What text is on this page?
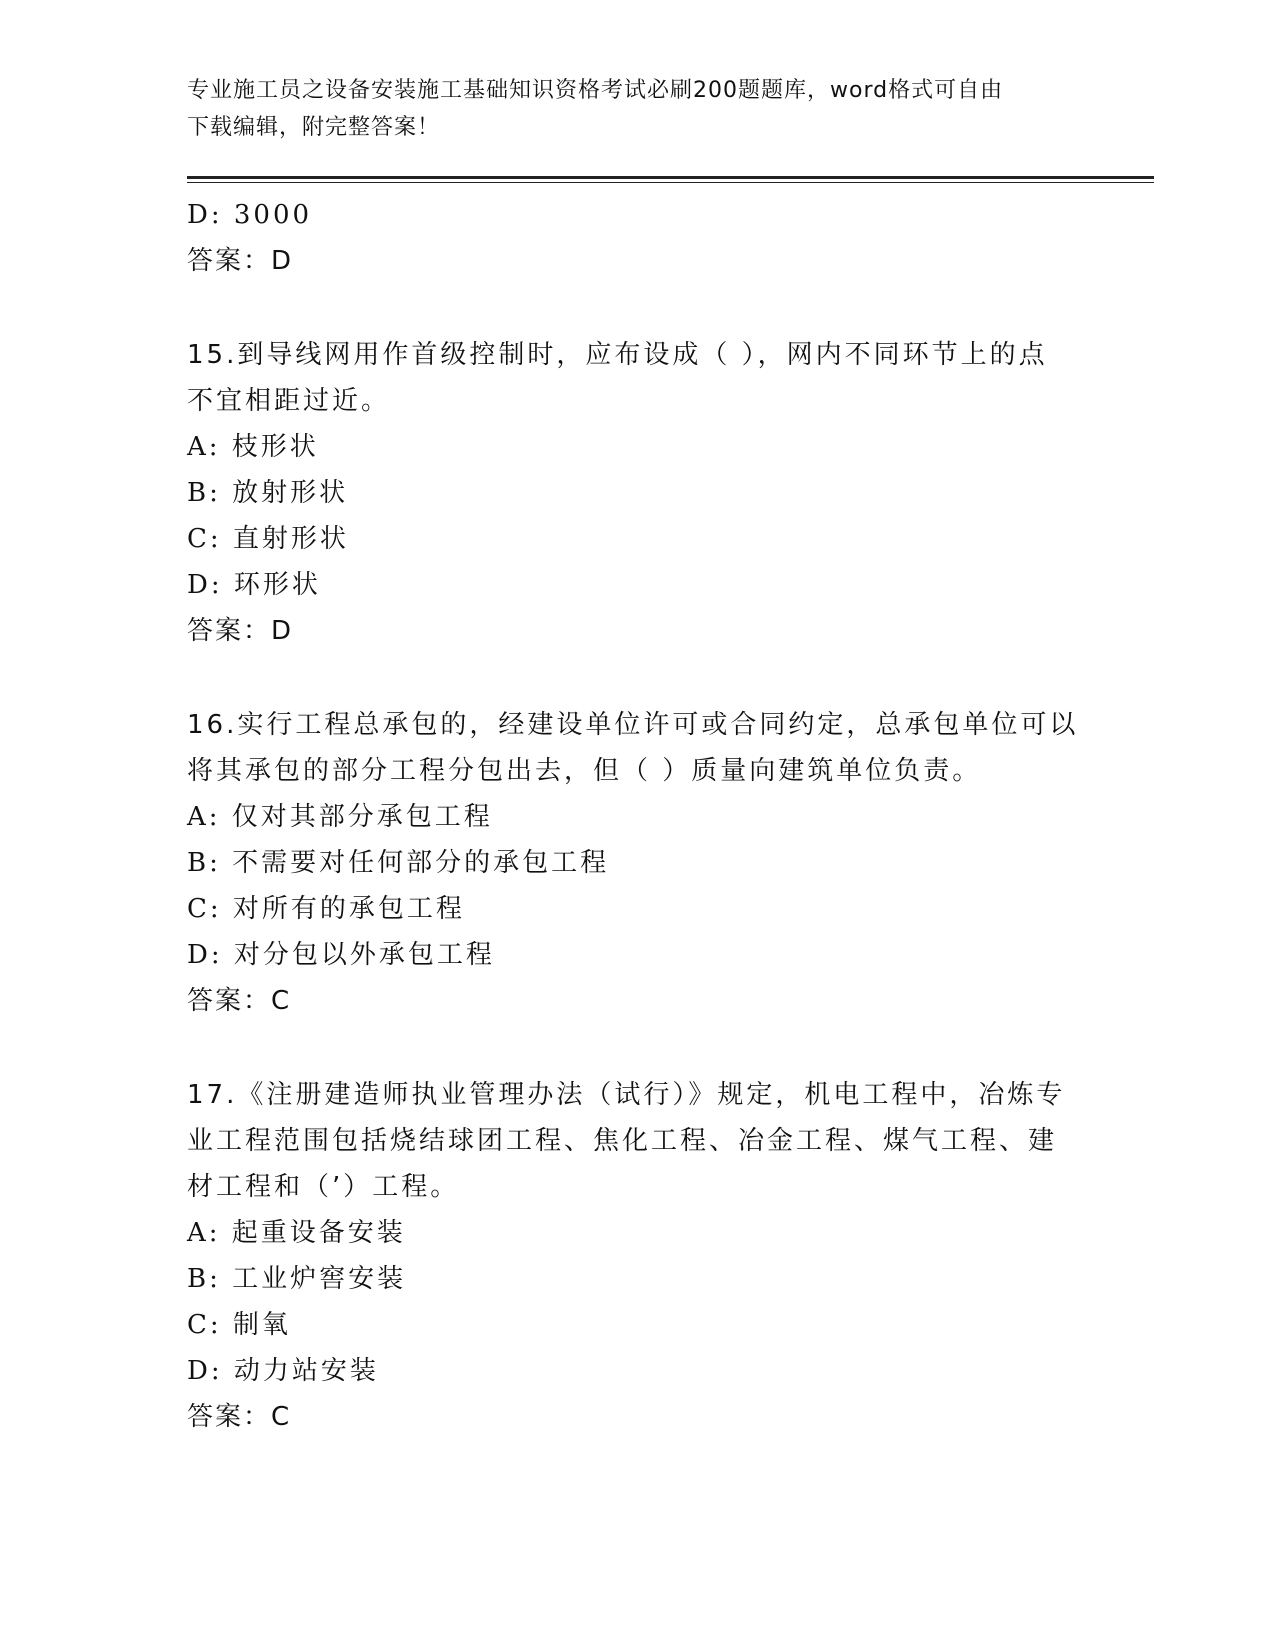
专业施工员之设备安装施工基础知识资格考试必刷200题题库，word格式可自由
下载编辑，附完整答案！
D: 3000
答案：D
15.到导线网用作首级控制时，应布设成（ ），网内不同环节上的点
不宜相距过近。
A: 枝形状
B: 放射形状
C: 直射形状
D: 环形状
答案：D
16.实行工程总承包的，经建设单位许可或合同约定，总承包单位可以
将其承包的部分工程分包出去，但（ ）质量向建筑单位负责。
A: 仅对其部分承包工程
B: 不需要对任何部分的承包工程
C: 对所有的承包工程
D: 对分包以外承包工程
答案：C
17.《注册建造师执业管理办法（试行）》规定，机电工程中，冶炼专
业工程范围包括烧结球团工程、焦化工程、冶金工程、煤气工程、建
材工程和（’）工程。
A: 起重设备安装
B: 工业炉窖安装
C: 制氧
D: 动力站安装
答案：C
